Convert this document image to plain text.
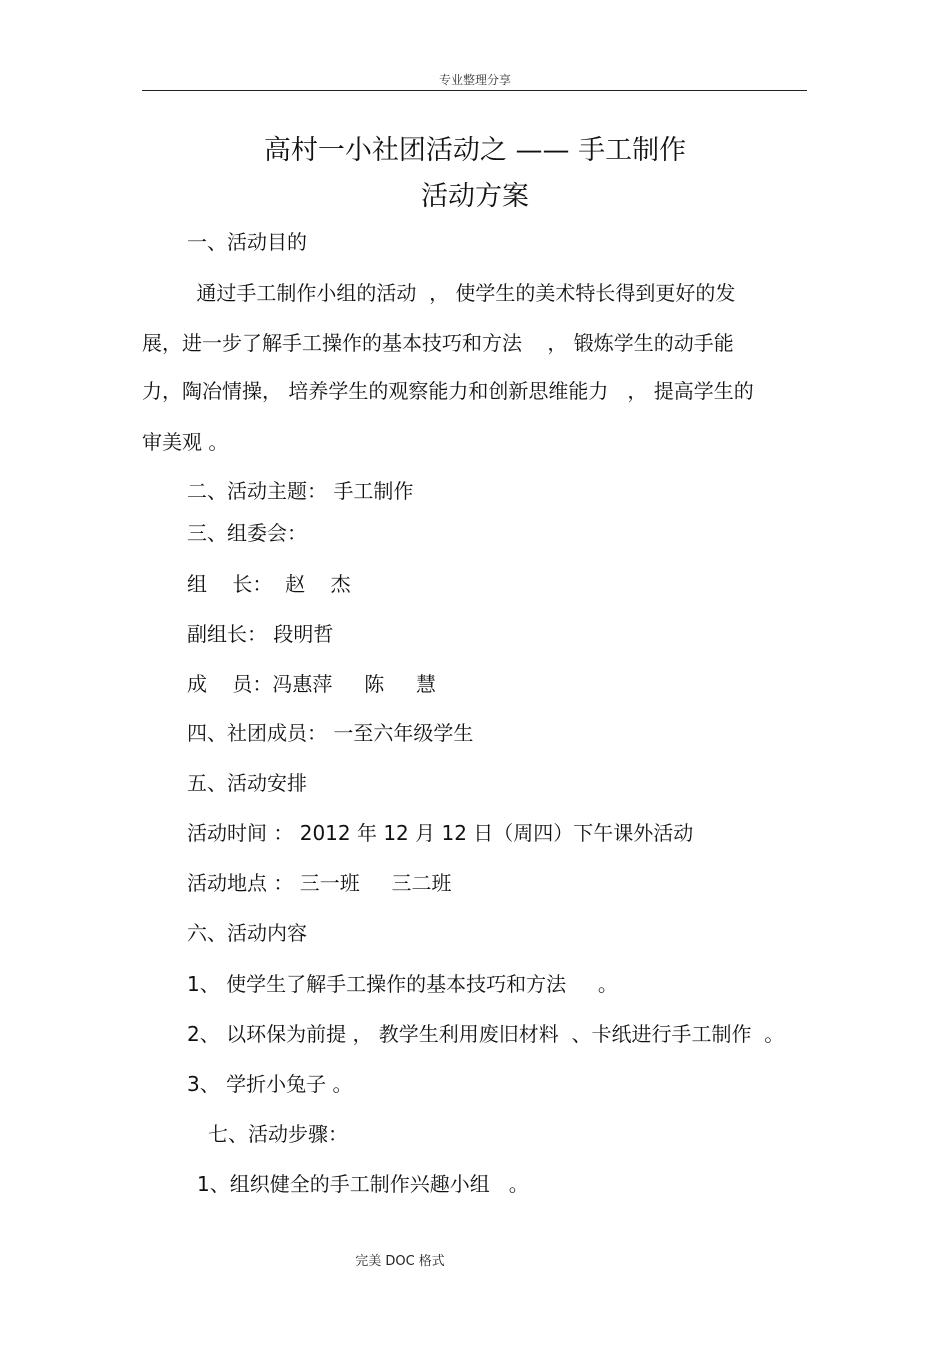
专业整理分享
高村一小社团活动之 —— 手工制作
活动方案
一、活动目的
通过手工制作小组的活动  ， 使学生的美术特长得到更好的发
展，进一步了解手工操作的基本技巧和方法    ， 锻炼学生的动手能
力，陶冶情操， 培养学生的观察能力和创新思维能力   ， 提高学生的
审美观 。
二、活动主题： 手工制作
三、组委会：
组    长：  赵    杰
副组长： 段明哲
成    员：冯惠萍     陈     慧
四、社团成员： 一至六年级学生
五、活动安排
活动时间 ： 2012 年 12 月 12 日（周四）下午课外活动
活动地点 ： 三一班     三二班
六、活动内容
1、 使学生了解手工操作的基本技巧和方法     。
2、 以环保为前提 ， 教学生利用废旧材料  、卡纸进行手工制作  。
3、 学折小兔子 。
七、活动步骤：
1、组织健全的手工制作兴趣小组   。
完美 DOC 格式
